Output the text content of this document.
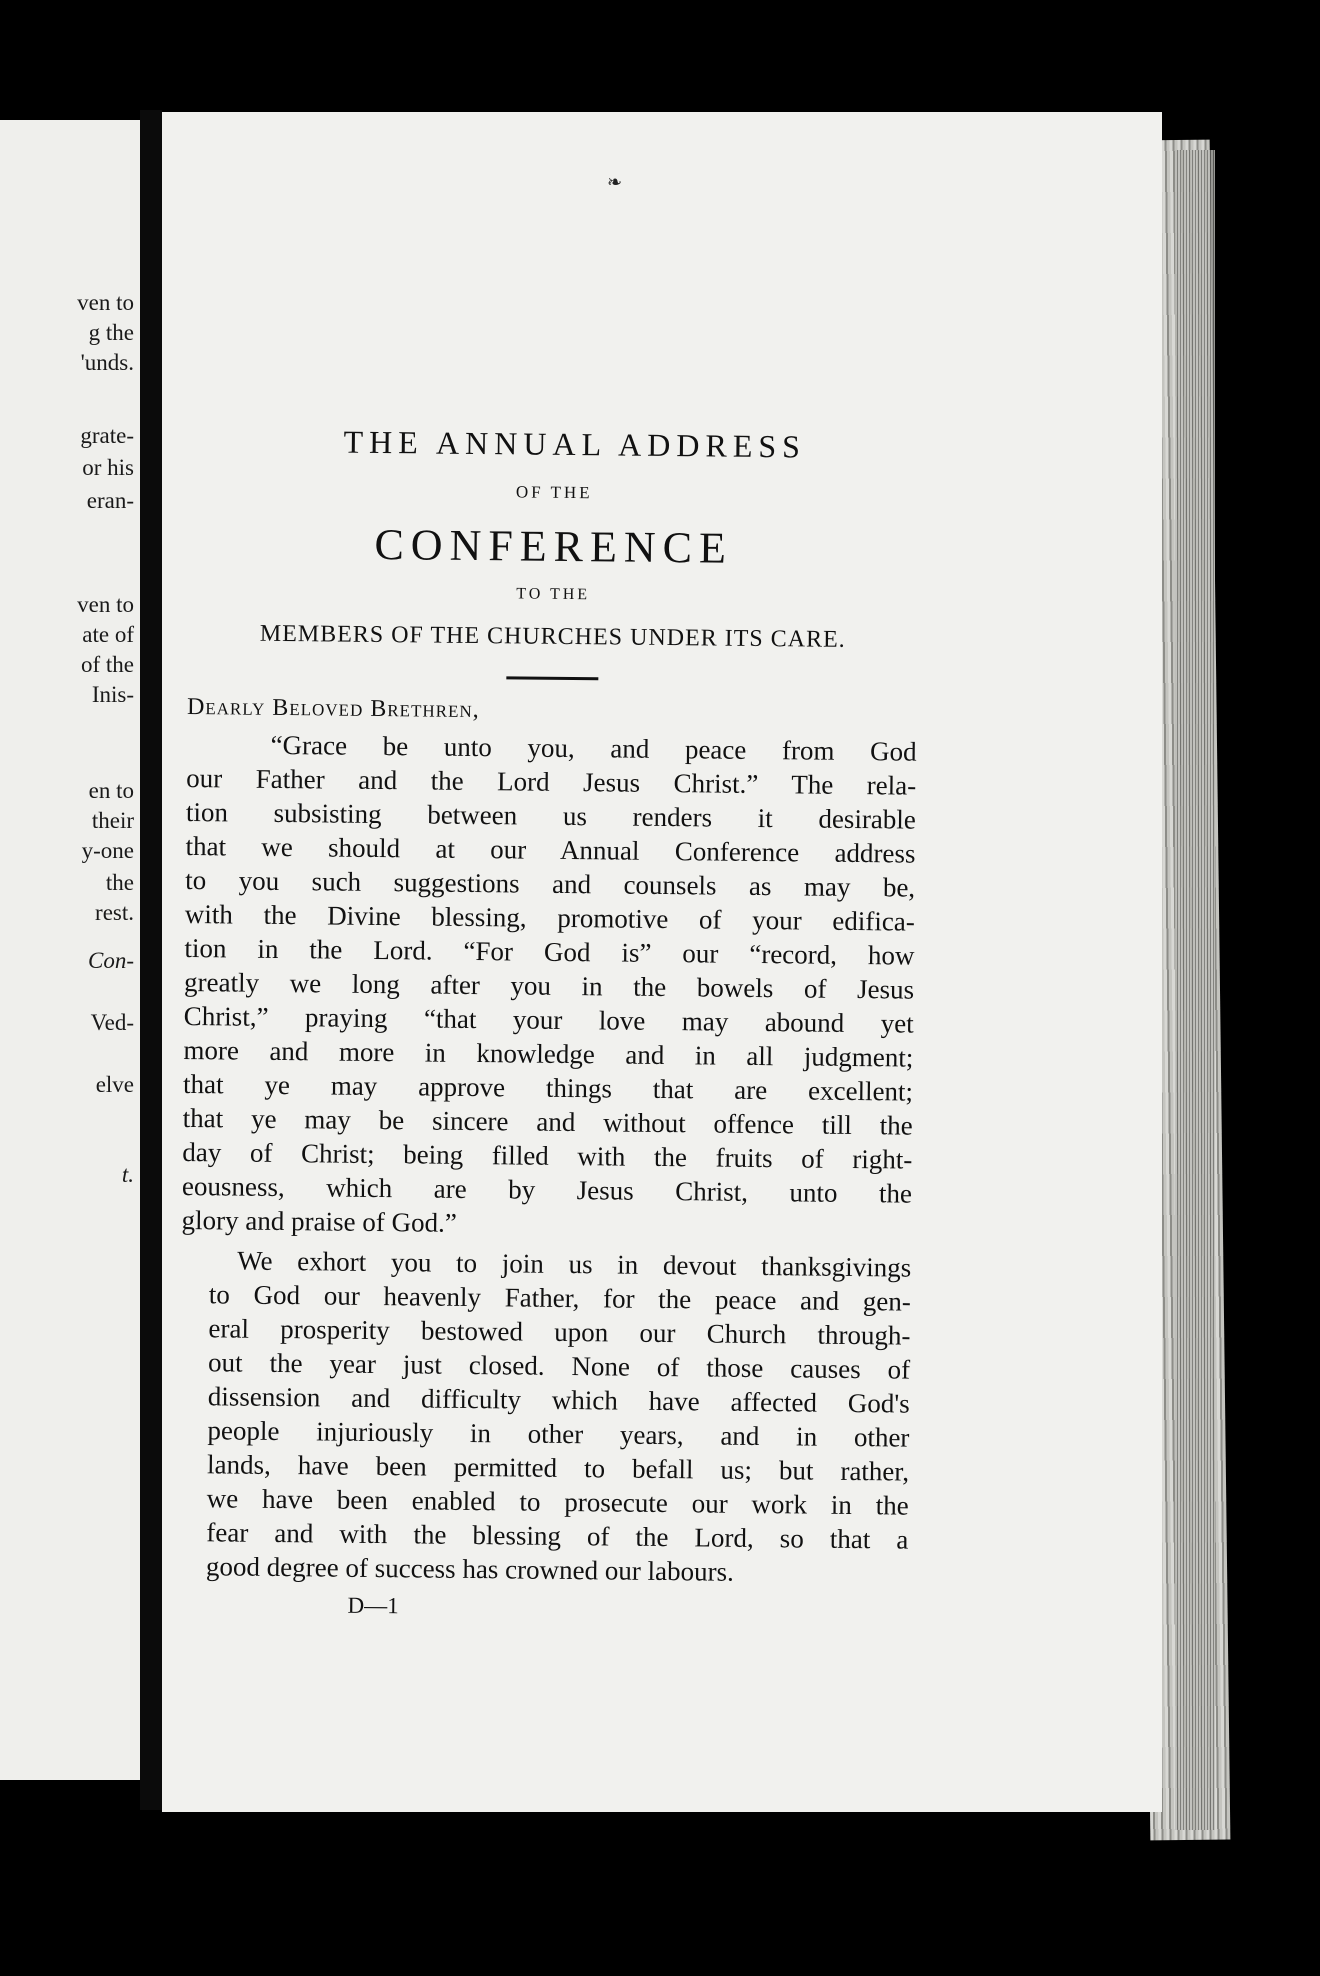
ven to
g the
'unds.
grate-
or his
eran-
ven to
ate of
of the
Inis-
en to
their
y-one
the
rest.
Con-
Ved-
elve
t.
❧
THE ANNUAL ADDRESS
OF THE
CONFERENCE
TO THE
MEMBERS OF THE CHURCHES UNDER ITS CARE.
Dearly Beloved Brethren,
“Grace be unto you, and peace from God
our Father and the Lord Jesus Christ.” The rela-
tion subsisting between us renders it desirable
that we should at our Annual Conference address
to you such suggestions and counsels as may be,
with the Divine blessing, promotive of your edifica-
tion in the Lord. “For God is” our “record, how
greatly we long after you in the bowels of Jesus
Christ,” praying “that your love may abound yet
more and more in knowledge and in all judgment;
that ye may approve things that are excellent;
that ye may be sincere and without offence till the
day of Christ; being filled with the fruits of right-
eousness, which are by Jesus Christ, unto the
glory and praise of God.”
We exhort you to join us in devout thanksgivings
to God our heavenly Father, for the peace and gen-
eral prosperity bestowed upon our Church through-
out the year just closed. None of those causes of
dissension and difficulty which have affected God's
people injuriously in other years, and in other
lands, have been permitted to befall us; but rather,
we have been enabled to prosecute our work in the
fear and with the blessing of the Lord, so that a
good degree of success has crowned our labours.
D—1
